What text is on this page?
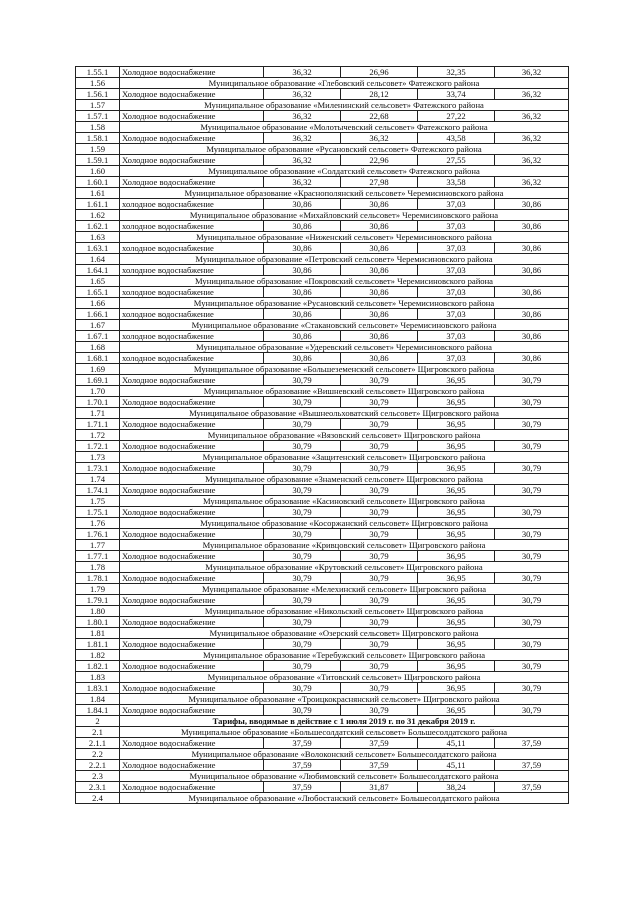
1.55.1	Холодное водоснабжение	36,32	26,96	32,35	36,32
1.56	Муниципальное образование «Глебовский сельсовет» Фатежского района				
1.56.1	Холодное водоснабжение	36,32	28,12	33,74	36,32
1.57	Муниципальное образование «Миленинский сельсовет» Фатежского района				
1.57.1	Холодное водоснабжение	36,32	22,68	27,22	36,32
1.58	Муниципальное образование «Молотычевский сельсовет» Фатежского района				
1.58.1	Холодное водоснабжение	36,32	36,32	43,58	36,32
1.59	Муниципальное образование «Русановский сельсовет» Фатежского района				
1.59.1	Холодное водоснабжение	36,32	22,96	27,55	36,32
1.60	Муниципальное образование «Солдатский сельсовет» Фатежского района				
1.60.1	Холодное водоснабжение	36,32	27,98	33,58	36,32
1.61	Муниципальное образование «Краснополянский сельсовет» Черемисиновского района				
1.61.1	холодное водоснабжение	30,86	30,86	37,03	30,86
1.62	Муниципальное образование «Михайловский сельсовет» Черемисиновского района				
1.62.1	холодное водоснабжение	30,86	30,86	37,03	30,86
1.63	Муниципальное образование «Ниженский сельсовет» Черемисиновского района				
1.63.1	холодное водоснабжение	30,86	30,86	37,03	30,86
1.64	Муниципальное образование «Петровский сельсовет» Черемисиновского района				
1.64.1	холодное водоснабжение	30,86	30,86	37,03	30,86
1.65	Муниципальное образование «Покровский сельсовет» Черемисиновского района				
1.65.1	холодное водоснабжение	30,86	30,86	37,03	30,86
1.66	Муниципальное образование «Русановский сельсовет» Черемисиновского района				
1.66.1	холодное водоснабжение	30,86	30,86	37,03	30,86
1.67	Муниципальное образование «Стакановский сельсовет» Черемисиновского района				
1.67.1	холодное водоснабжение	30,86	30,86	37,03	30,86
1.68	Муниципальное образование «Удеревский сельсовет» Черемисиновского района				
1.68.1	холодное водоснабжение	30,86	30,86	37,03	30,86
1.69	Муниципальное образование «Большеземенский сельсовет» Щигровского района				
1.69.1	Холодное водоснабжение	30,79	30,79	36,95	30,79
1.70	Муниципальное образование «Вишневский сельсовет» Щигровского района				
1.70.1	Холодное водоснабжение	30,79	30,79	36,95	30,79
1.71	Муниципальное образование «Вышнеольховатский сельсовет» Щигровского района				
1.71.1	Холодное водоснабжение	30,79	30,79	36,95	30,79
1.72	Муниципальное образование «Вязовский сельсовет» Щигровского района				
1.72.1	Холодное водоснабжение	30,79	30,79	36,95	30,79
1.73	Муниципальное образование «Защитенский сельсовет» Щигровского района				
1.73.1	Холодное водоснабжение	30,79	30,79	36,95	30,79
1.74	Муниципальное образование «Знаменский сельсовет» Щигровского района				
1.74.1	Холодное водоснабжение	30,79	30,79	36,95	30,79
1.75	Муниципальное образование «Касиновский сельсовет» Щигровского района				
1.75.1	Холодное водоснабжение	30,79	30,79	36,95	30,79
1.76	Муниципальное образование «Косоржанский сельсовет» Щигровского района				
1.76.1	Холодное водоснабжение	30,79	30,79	36,95	30,79
1.77	Муниципальное образование «Кривцовский сельсовет» Щигровского района				
1.77.1	Холодное водоснабжение	30,79	30,79	36,95	30,79
1.78	Муниципальное образование «Крутовский сельсовет» Щигровского района				
1.78.1	Холодное водоснабжение	30,79	30,79	36,95	30,79
1.79	Муниципальное образование «Мелехинский сельсовет» Щигровского района				
1.79.1	Холодное водоснабжение	30,79	30,79	36,95	30,79
1.80	Муниципальное образование «Никольский сельсовет» Щигровского района				
1.80.1	Холодное водоснабжение	30,79	30,79	36,95	30,79
1.81	Муниципальное образование «Озерский сельсовет» Щигровского района				
1.81.1	Холодное водоснабжение	30,79	30,79	36,95	30,79
1.82	Муниципальное образование «Теребужский сельсовет» Щигровского района				
1.82.1	Холодное водоснабжение	30,79	30,79	36,95	30,79
1.83	Муниципальное образование «Титовский сельсовет» Щигровского района				
1.83.1	Холодное водоснабжение	30,79	30,79	36,95	30,79
1.84	Муниципальное образование «Троицкокраснянский сельсовет» Щигровского района				
1.84.1	Холодное водоснабжение	30,79	30,79	36,95	30,79
2	Тарифы, вводимые в действие с 1 июля 2019 г. по 31 декабря 2019 г.				
2.1	Муниципальное образование «Большесолдатский сельсовет» Большесолдатского района				
2.1.1	Холодное водоснабжение	37,59	37,59	45,11	37,59
2.2	Муниципальное образование «Волоконский сельсовет» Большесолдатского района				
2.2.1	Холодное водоснабжение	37,59	37,59	45,11	37,59
2.3	Муниципальное образование «Любимовский сельсовет» Большесолдатского района				
2.3.1	Холодное водоснабжение	37,59	31,87	38,24	37,59
2.4	Муниципальное образование «Любостанский сельсовет» Большесолдатского района				
